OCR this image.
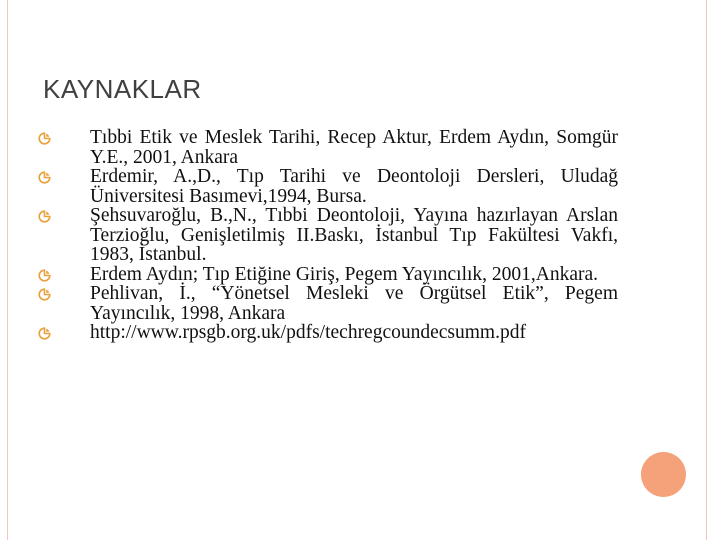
KAYNAKLAR
Tıbbi Etik ve Meslek Tarihi, Recep Aktur, Erdem Aydın, Somgür Y.E., 2001, Ankara
Erdemir, A.,D., Tıp Tarihi ve Deontoloji Dersleri, Uludağ Üniversitesi Basımevi,1994, Bursa.
Şehsuvaroğlu, B.,N., Tıbbi Deontoloji, Yayına hazırlayan Arslan Terzioğlu, Genişletilmiş II.Baskı, İstanbul Tıp Fakültesi Vakfı, 1983, İstanbul.
Erdem Aydın; Tıp Etiğine Giriş, Pegem Yayıncılık, 2001,Ankara.
Pehlivan, İ., “Yönetsel Mesleki ve Örgütsel Etik”, Pegem Yayıncılık, 1998, Ankara
http://www.rpsgb.org.uk/pdfs/techregcoundecsumm.pdf
